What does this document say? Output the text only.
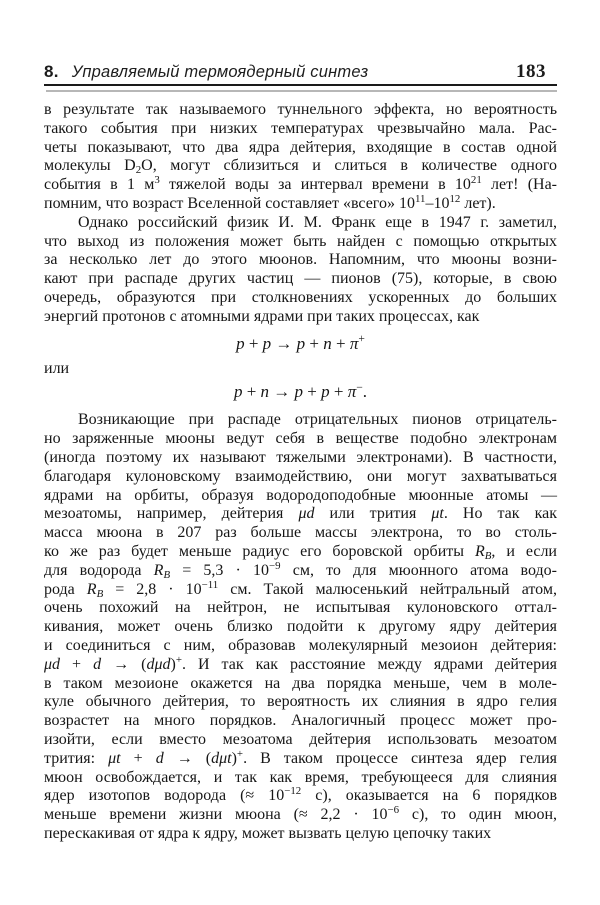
8. Управляемый термоядерный синтез	183
в результате так называемого туннельного эффекта, но вероятность
такого события при низких температурах чрезвычайно мала. Рас-
четы показывают, что два ядра дейтерия, входящие в состав одной
молекулы $D_2O$, могут сблизиться и слиться в количестве одного
события в 1 $м^3$ тяжелой воды за интервал времени в $10^{21}$ лет! (На-
помним, что возраст Вселенной составляет «всего» $10^{11}-10^{12}$ лет).
Однако российский физик И. М. Франк еще в 1947 г. заметил,
что выход из положения может быть найден с помощью открытых
за несколько лет до этого мюонов. Напомним, что мюоны возни-
кают при распаде других частиц — пионов (75), которые, в свою
очередь, образуются при столкновениях ускоренных до больших
энергий протонов с атомными ядрами при таких процессах, как
p + p → p + n + π+
или
p + n → p + p + π−.
Возникающие при распаде отрицательных пионов отрицатель-
но заряженные мюоны ведут себя в веществе подобно электронам
(иногда поэтому их называют тяжелыми электронами). В частности,
благодаря кулоновскому взаимодействию, они могут захватываться
ядрами на орбиты, образуя водородоподобные мюонные атомы —
мезоатомы, например, дейтерия μd или трития μt. Но так как
масса мюона в 207 раз больше массы электрона, то во столь-
ко же раз будет меньше радиус его боровской орбиты $R_B$, и если
для водорода $R_B = 5,3 \cdot 10^{-9}$ см, то для мюонного атома водо-
рода $R_B = 2,8 \cdot 10^{-11}$ см. Такой малюсенький нейтральный атом,
очень похожий на нейтрон, не испытывая кулоновского оттал-
кивания, может очень близко подойти к другому ядру дейтерия
и соединиться с ним, образовав молекулярный мезоион дейтерия:
μd + d → (dμd)+. И так как расстояние между ядрами дейтерия
в таком мезоионе окажется на два порядка меньше, чем в моле-
куле обычного дейтерия, то вероятность их слияния в ядро гелия
возрастет на много порядков. Аналогичный процесс может про-
изойти, если вместо мезоатома дейтерия использовать мезоатом
трития: μt + d → (dμt)+. В таком процессе синтеза ядер гелия
мюон освобождается, и так как время, требующееся для слияния
ядер изотопов водорода (≈ $10^{-12}$ с), оказывается на 6 порядков
меньше времени жизни мюона (≈ $2,2 \cdot 10^{-6}$ с), то один мюон,
перескакивая от ядра к ядру, может вызвать целую цепочку таких
